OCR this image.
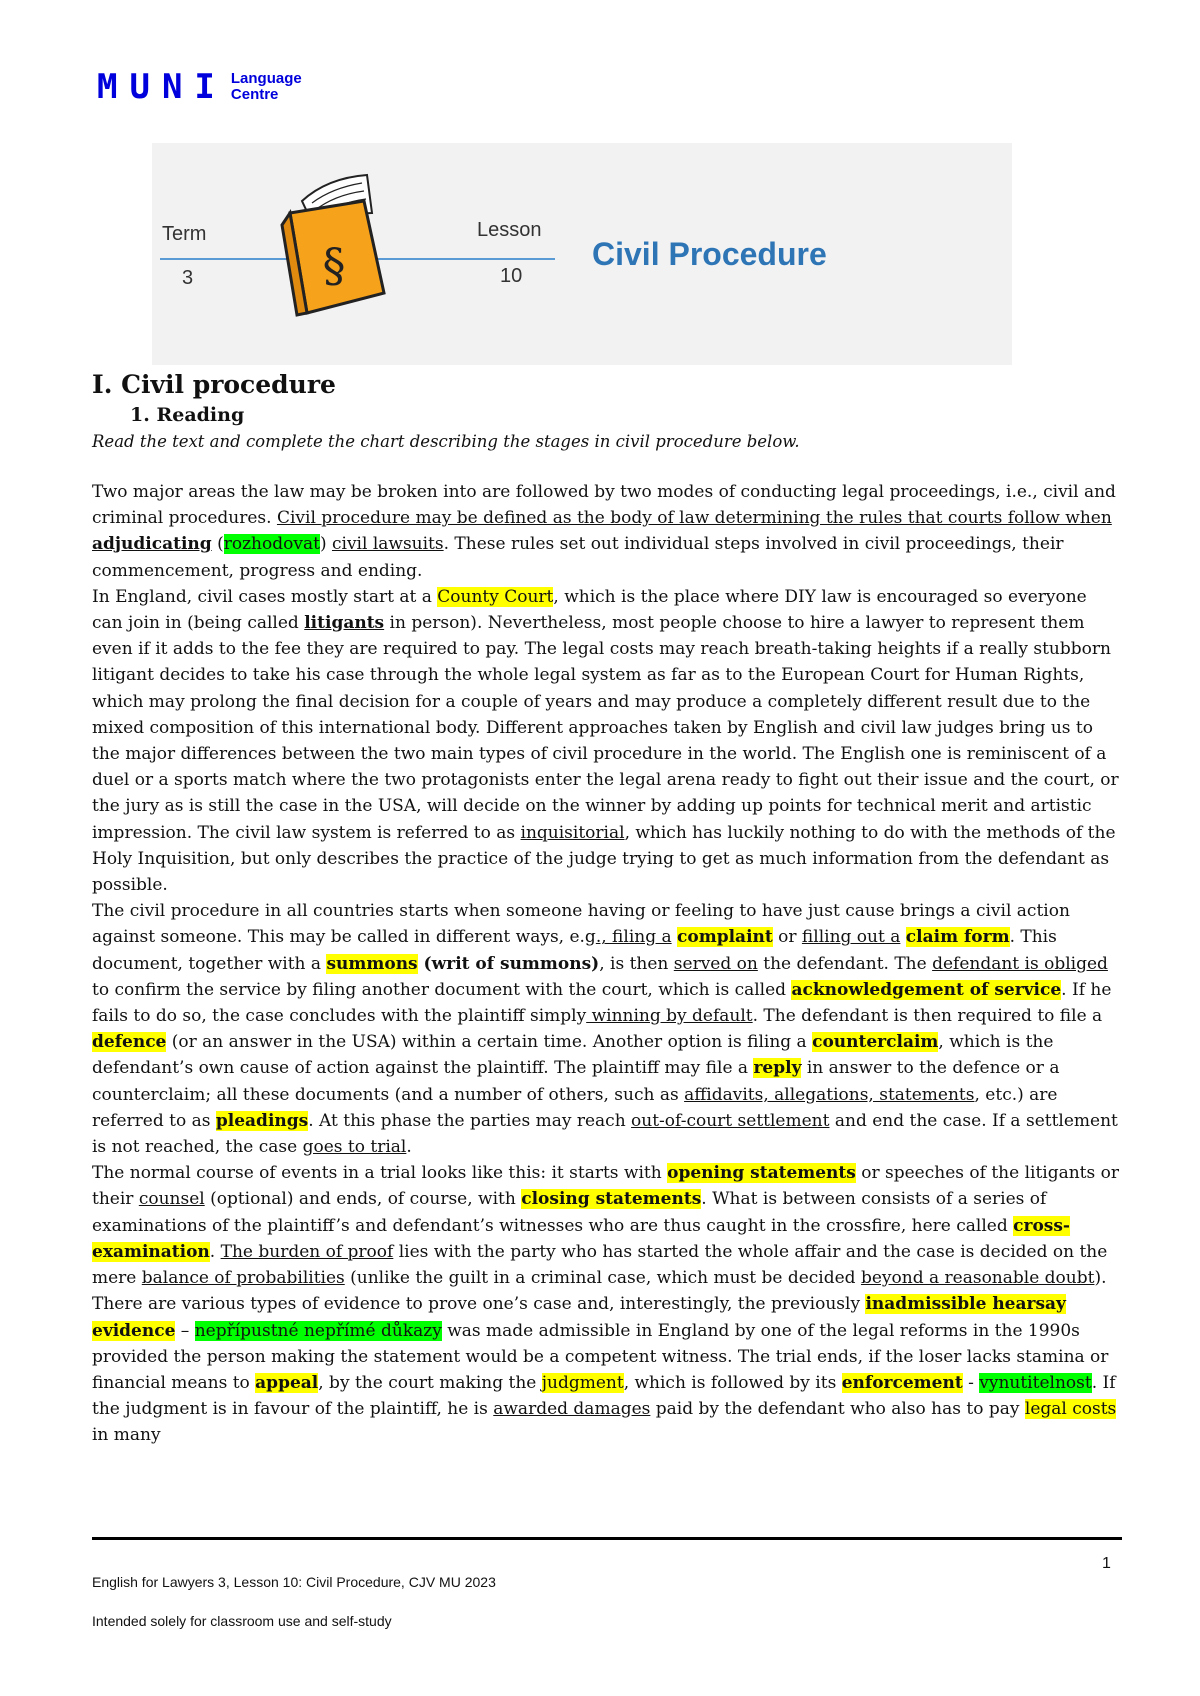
MUNI Language
Centre
Term
3
Lesson
10
Civil Procedure
§
I. Civil procedure
1. Reading
Read the text and complete the chart describing the stages in civil procedure below.

Two major areas the law may be broken into are followed by two modes of conducting legal proceedings, i.e., civil and criminal procedures. Civil procedure may be defined as the body of law determining the rules that courts follow when adjudicating (rozhodovat) civil lawsuits. These rules set out individual steps involved in civil proceedings, their commencement, progress and ending.

In England, civil cases mostly start at a County Court, which is the place where DIY law is encouraged so everyone can join in (being called litigants in person). Nevertheless, most people choose to hire a lawyer to represent them even if it adds to the fee they are required to pay. The legal costs may reach breath-taking heights if a really stubborn litigant decides to take his case through the whole legal system as far as to the European Court for Human Rights, which may prolong the final decision for a couple of years and may produce a completely different result due to the mixed composition of this international body. Different approaches taken by English and civil law judges bring us to the major differences between the two main types of civil procedure in the world. The English one is reminiscent of a duel or a sports match where the two protagonists enter the legal arena ready to fight out their issue and the court, or the jury as is still the case in the USA, will decide on the winner by adding up points for technical merit and artistic impression. The civil law system is referred to as inquisitorial, which has luckily nothing to do with the methods of the Holy Inquisition, but only describes the practice of the judge trying to get as much information from the defendant as possible.

The civil procedure in all countries starts when someone having or feeling to have just cause brings a civil action against someone. This may be called in different ways, e.g., filing a complaint or filling out a claim form. This document, together with a summons (writ of summons), is then served on the defendant. The defendant is obliged to confirm the service by filing another document with the court, which is called acknowledgement of service. If he fails to do so, the case concludes with the plaintiff simply winning by default. The defendant is then required to file a defence (or an answer in the USA) within a certain time. Another option is filing a counterclaim, which is the defendant’s own cause of action against the plaintiff. The plaintiff may file a reply in answer to the defence or a counterclaim; all these documents (and a number of others, such as affidavits, allegations, statements, etc.) are referred to as pleadings. At this phase the parties may reach out-of-court settlement and end the case. If a settlement is not reached, the case goes to trial.

The normal course of events in a trial looks like this: it starts with opening statements or speeches of the litigants or their counsel (optional) and ends, of course, with closing statements. What is between consists of a series of examinations of the plaintiff’s and defendant’s witnesses who are thus caught in the crossfire, here called cross-examination. The burden of proof lies with the party who has started the whole affair and the case is decided on the mere balance of probabilities (unlike the guilt in a criminal case, which must be decided beyond a reasonable doubt). There are various types of evidence to prove one’s case and, interestingly, the previously inadmissible hearsay evidence – nepřípustné nepřímé důkazy was made admissible in England by one of the legal reforms in the 1990s provided the person making the statement would be a competent witness. The trial ends, if the loser lacks stamina or financial means to appeal, by the court making the judgment, which is followed by its enforcement - vynutitelnost. If the judgment is in favour of the plaintiff, he is awarded damages paid by the defendant who also has to pay legal costs in many

1
English for Lawyers 3, Lesson 10: Civil Procedure, CJV MU 2023
Intended solely for classroom use and self-study
